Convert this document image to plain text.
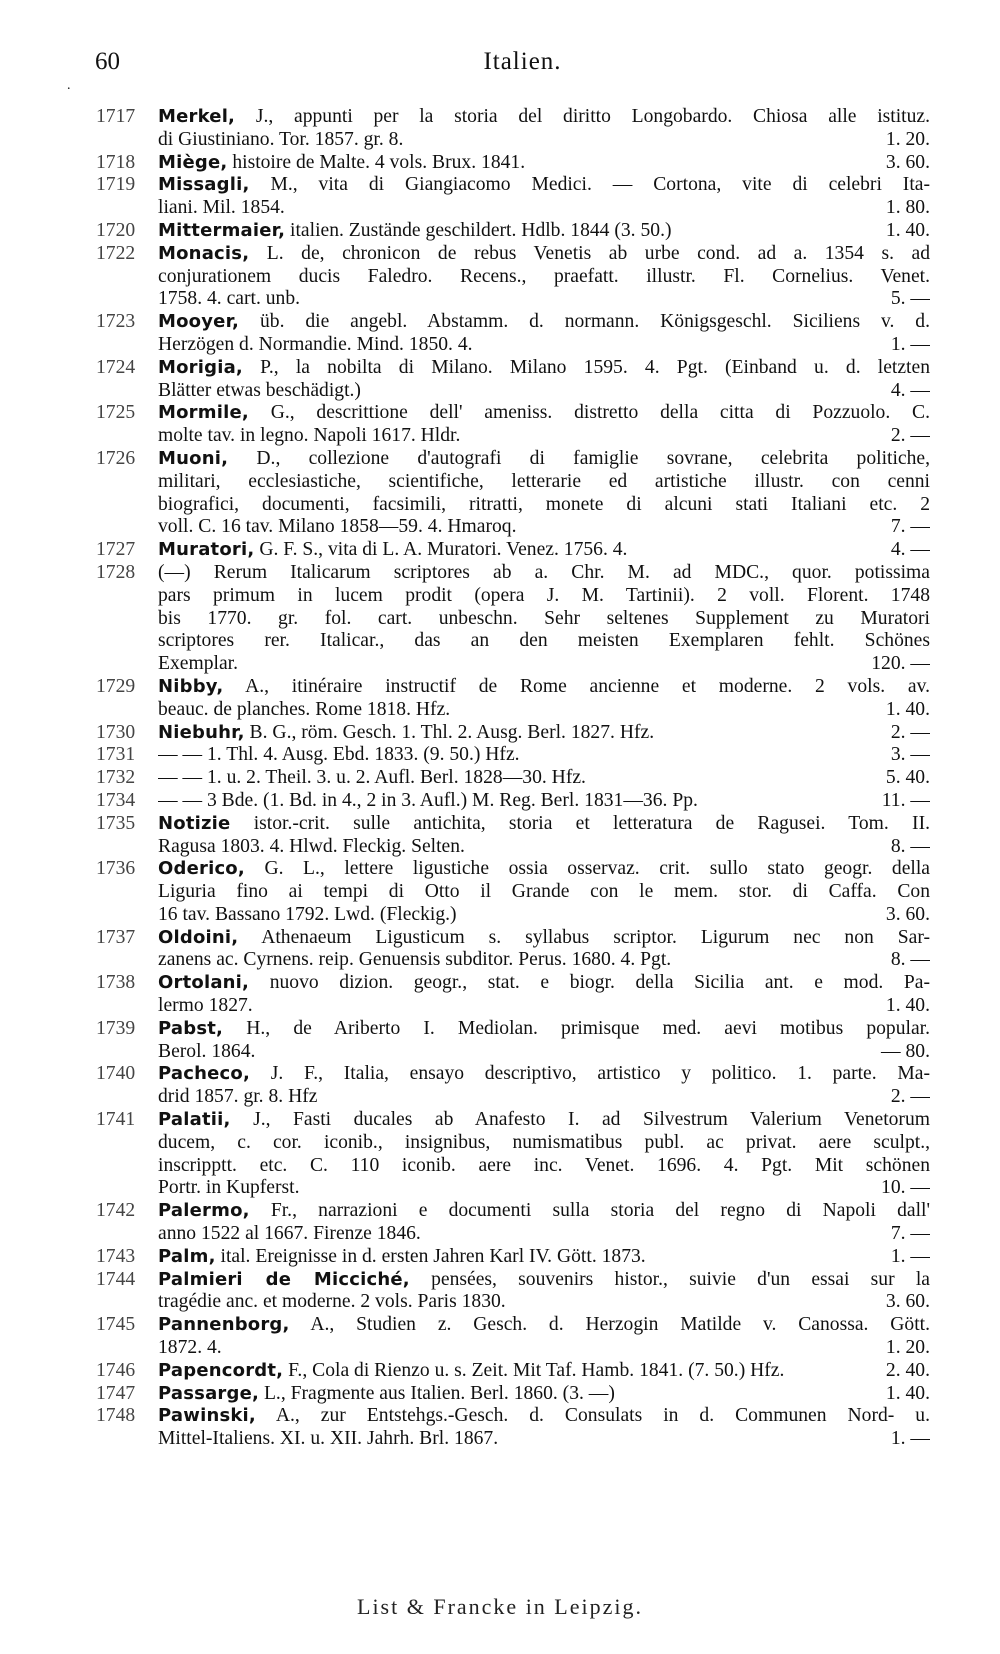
.
60	Italien.
1717	Merkel, J., appunti per la storia del diritto Longobardo. Chiosa alle istituz.
di Giustiniano. Tor. 1857. gr. 8.	1. 20.
1718	Miège, histoire de Malte. 4 vols. Brux. 1841.	3. 60.
1719	Missagli, M., vita di Giangiacomo Medici. — Cortona, vite di celebri Ita-
liani. Mil. 1854.	1. 80.
1720	Mittermaier, italien. Zustände geschildert. Hdlb. 1844 (3. 50.)	1. 40.
1722	Monacis, L. de, chronicon de rebus Venetis ab urbe cond. ad a. 1354 s. ad
conjurationem ducis Faledro. Recens., praefatt. illustr. Fl. Cornelius. Venet.
1758. 4. cart. unb.	5. —
1723	Mooyer, üb. die angebl. Abstamm. d. normann. Königsgeschl. Siciliens v. d.
Herzögen d. Normandie. Mind. 1850. 4.	1. —
1724	Morigia, P., la nobilta di Milano. Milano 1595. 4. Pgt. (Einband u. d. letzten
Blätter etwas beschädigt.)	4. —
1725	Mormile, G., descrittione dell' ameniss. distretto della citta di Pozzuolo. C.
molte tav. in legno. Napoli 1617. Hldr.	2. —
1726	Muoni, D., collezione d'autografi di famiglie sovrane, celebrita politiche,
militari, ecclesiastiche, scientifiche, letterarie ed artistiche illustr. con cenni
biografici, documenti, facsimili, ritratti, monete di alcuni stati Italiani etc. 2
voll. C. 16 tav. Milano 1858—59. 4. Hmaroq.	7. —
1727	Muratori, G. F. S., vita di L. A. Muratori. Venez. 1756. 4.	4. —
1728	(—) Rerum Italicarum scriptores ab a. Chr. M. ad MDC., quor. potissima
pars primum in lucem prodit (opera J. M. Tartinii). 2 voll. Florent. 1748
bis 1770. gr. fol. cart. unbeschn. Sehr seltenes Supplement zu Muratori
scriptores rer. Italicar., das an den meisten Exemplaren fehlt. Schönes
Exemplar.	120. —
1729	Nibby, A., itinéraire instructif de Rome ancienne et moderne. 2 vols. av.
beauc. de planches. Rome 1818. Hfz.	1. 40.
1730	Niebuhr, B. G., röm. Gesch. 1. Thl. 2. Ausg. Berl. 1827. Hfz.	2. —
1731	— — 1. Thl. 4. Ausg. Ebd. 1833. (9. 50.) Hfz.	3. —
1732	— — 1. u. 2. Theil. 3. u. 2. Aufl. Berl. 1828—30. Hfz.	5. 40.
1734	— — 3 Bde. (1. Bd. in 4., 2 in 3. Aufl.) M. Reg. Berl. 1831—36. Pp.	11. —
1735	Notizie istor.-crit. sulle antichita, storia et letteratura de Ragusei. Tom. II.
Ragusa 1803. 4. Hlwd. Fleckig. Selten.	8. —
1736	Oderico, G. L., lettere ligustiche ossia osservaz. crit. sullo stato geogr. della
Liguria fino ai tempi di Otto il Grande con le mem. stor. di Caffa. Con
16 tav. Bassano 1792. Lwd. (Fleckig.)	3. 60.
1737	Oldoini, Athenaeum Ligusticum s. syllabus scriptor. Ligurum nec non Sar-
zanens ac. Cyrnens. reip. Genuensis subditor. Perus. 1680. 4. Pgt.	8. —
1738	Ortolani, nuovo dizion. geogr., stat. e biogr. della Sicilia ant. e mod. Pa-
lermo 1827.	1. 40.
1739	Pabst, H., de Ariberto I. Mediolan. primisque med. aevi motibus popular.
Berol. 1864.	— 80.
1740	Pacheco, J. F., Italia, ensayo descriptivo, artistico y politico. 1. parte. Ma-
drid 1857. gr. 8. Hfz	2. —
1741	Palatii, J., Fasti ducales ab Anafesto I. ad Silvestrum Valerium Venetorum
ducem, c. cor. iconib., insignibus, numismatibus publ. ac privat. aere sculpt.,
inscripptt. etc. C. 110 iconib. aere inc. Venet. 1696. 4. Pgt. Mit schönen
Portr. in Kupferst.	10. —
1742	Palermo, Fr., narrazioni e documenti sulla storia del regno di Napoli dall'
anno 1522 al 1667. Firenze 1846.	7. —
1743	Palm, ital. Ereignisse in d. ersten Jahren Karl IV. Gött. 1873.	1. —
1744	Palmieri de Micciché, pensées, souvenirs histor., suivie d'un essai sur la
tragédie anc. et moderne. 2 vols. Paris 1830.	3. 60.
1745	Pannenborg, A., Studien z. Gesch. d. Herzogin Matilde v. Canossa. Gött.
1872. 4.	1. 20.
1746	Papencordt, F., Cola di Rienzo u. s. Zeit. Mit Taf. Hamb. 1841. (7. 50.) Hfz.	2. 40.
1747	Passarge, L., Fragmente aus Italien. Berl. 1860. (3. —)	1. 40.
1748	Pawinski, A., zur Entstehgs.-Gesch. d. Consulats in d. Communen Nord- u.
Mittel-Italiens. XI. u. XII. Jahrh. Brl. 1867.	1. —
List & Francke in Leipzig.
